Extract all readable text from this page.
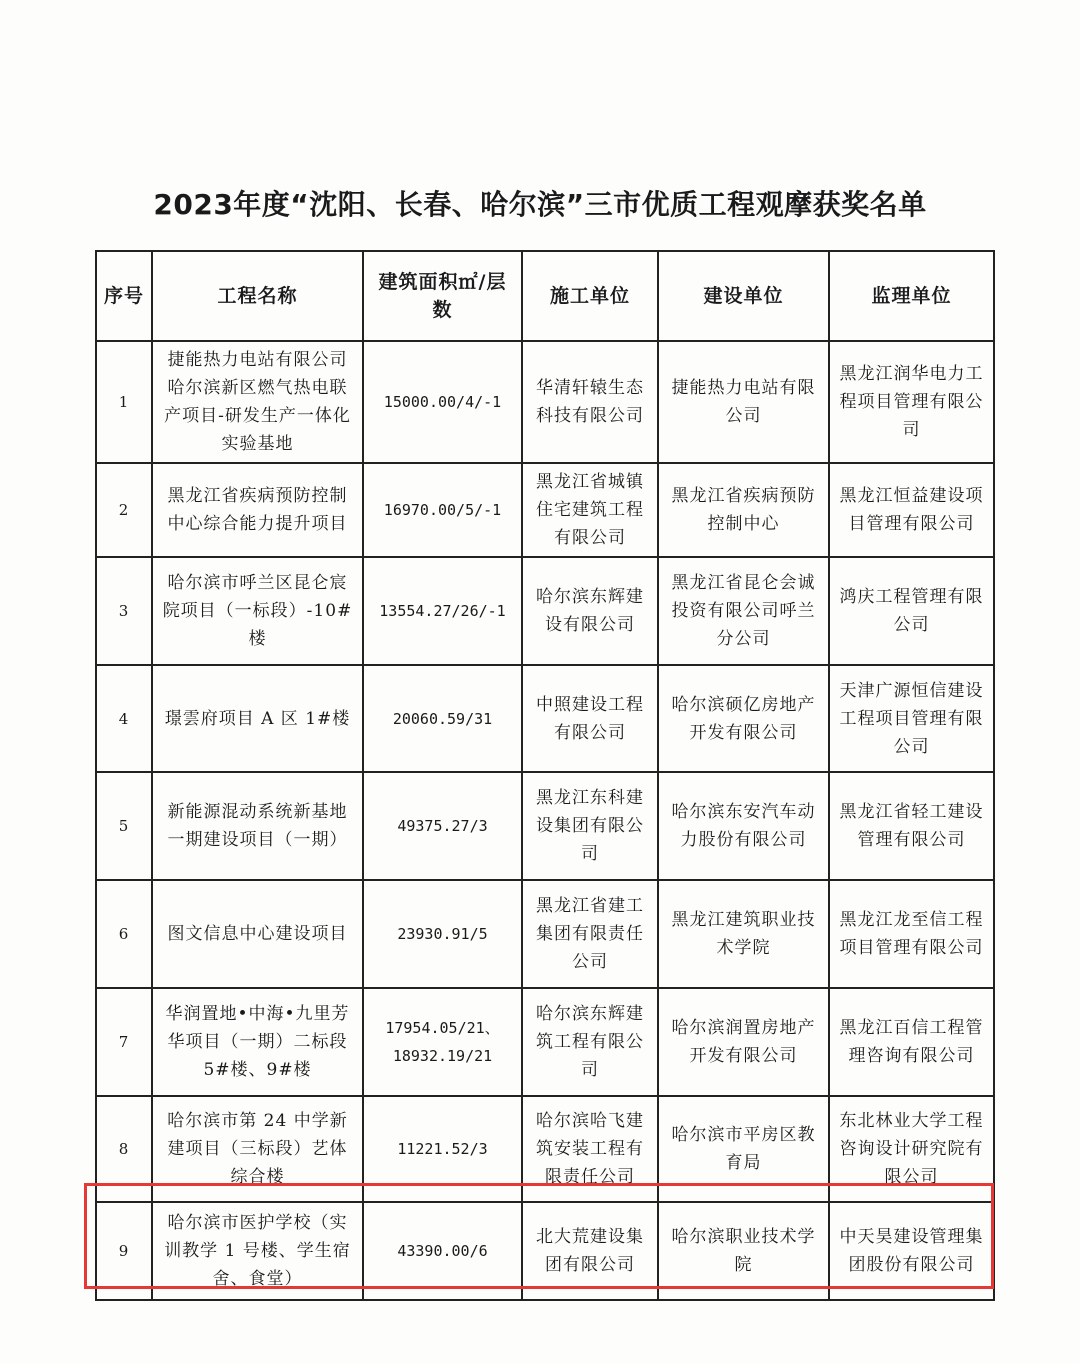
2023年度“沈阳、长春、哈尔滨”三市优质工程观摩获奖名单
序号	工程名称	建筑面积㎡/层数	施工单位	建设单位	监理单位
1	捷能热力电站有限公司哈尔滨新区燃气热电联产项目-研发生产一体化实验基地	15000.00/4/-1	华清轩辕生态科技有限公司	捷能热力电站有限公司	黑龙江润华电力工程项目管理有限公司
2	黑龙江省疾病预防控制中心综合能力提升项目	16970.00/5/-1	黑龙江省城镇住宅建筑工程有限公司	黑龙江省疾病预防控制中心	黑龙江恒益建设项目管理有限公司
3	哈尔滨市呼兰区昆仑宸院项目（一标段）-10#楼	13554.27/26/-1	哈尔滨东辉建设有限公司	黑龙江省昆仑会诚投资有限公司呼兰分公司	鸿庆工程管理有限公司
4	璟雲府项目 A 区 1#楼	20060.59/31	中照建设工程有限公司	哈尔滨硕亿房地产开发有限公司	天津广源恒信建设工程项目管理有限公司
5	新能源混动系统新基地一期建设项目（一期）	49375.27/3	黑龙江东科建设集团有限公司	哈尔滨东安汽车动力股份有限公司	黑龙江省轻工建设管理有限公司
6	图文信息中心建设项目	23930.91/5	黑龙江省建工集团有限责任公司	黑龙江建筑职业技术学院	黑龙江龙至信工程项目管理有限公司
7	华润置地•中海•九里芳华项目（一期）二标段 5#楼、9#楼	17954.05/21、18932.19/21	哈尔滨东辉建筑工程有限公司	哈尔滨润置房地产开发有限公司	黑龙江百信工程管理咨询有限公司
8	哈尔滨市第 24 中学新建项目（三标段）艺体综合楼	11221.52/3	哈尔滨哈飞建筑安装工程有限责任公司	哈尔滨市平房区教育局	东北林业大学工程咨询设计研究院有限公司
9	哈尔滨市医护学校（实训教学 1 号楼、学生宿舍、食堂）	43390.00/6	北大荒建设集团有限公司	哈尔滨职业技术学院	中天昊建设管理集团股份有限公司
